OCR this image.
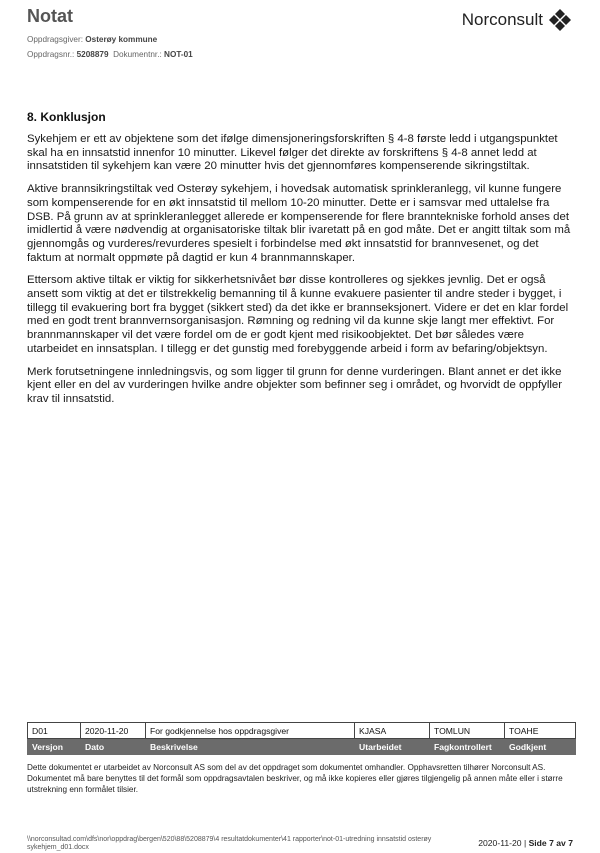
Notat
Oppdragsgiver: Osterøy kommune
Oppdragsnr.: 5208879 Dokumentnr.: NOT-01
Norconsult
8. Konklusjon

Sykehjem er ett av objektene som det ifølge dimensjoneringsforskriften § 4-8 første ledd i utgangspunktet skal ha en innsatstid innenfor 10 minutter. Likevel følger det direkte av forskriftens § 4-8 annet ledd at innsatstiden til sykehjem kan være 20 minutter hvis det gjennomføres kompenserende sikringstiltak.

Aktive brannsikringstiltak ved Osterøy sykehjem, i hovedsak automatisk sprinkleranlegg, vil kunne fungere som kompenserende for en økt innsatstid til mellom 10-20 minutter. Dette er i samsvar med uttalelse fra DSB. På grunn av at sprinkleranlegget allerede er kompenserende for flere branntekniske forhold anses det imidlertid å være nødvendig at organisatoriske tiltak blir ivaretatt på en god måte. Det er angitt tiltak som må gjennomgås og vurderes/revurderes spesielt i forbindelse med økt innsatstid for brannvesenet, og det faktum at normalt oppmøte på dagtid er kun 4 brannmannskaper.

Ettersom aktive tiltak er viktig for sikkerhetsnivået bør disse kontrolleres og sjekkes jevnlig. Det er også ansett som viktig at det er tilstrekkelig bemanning til å kunne evakuere pasienter til andre steder i bygget, i tillegg til evakuering bort fra bygget (sikkert sted) da det ikke er brannseksjonert. Videre er det en klar fordel med en godt trent brannvernsorganisasjon. Rømning og redning vil da kunne skje langt mer effektivt. For brannmannskaper vil det være fordel om de er godt kjent med risikoobjektet. Det bør således være utarbeidet en innsatsplan. I tillegg er det gunstig med forebyggende arbeid i form av befaring/objektsyn.

Merk forutsetningene innledningsvis, og som ligger til grunn for denne vurderingen. Blant annet er det ikke kjent eller en del av vurderingen hvilke andre objekter som befinner seg i området, og hvorvidt de oppfyller krav til innsatstid.

D01	2020-11-20	For godkjennelse hos oppdragsgiver	KJASA	TOMLUN	TOAHE
Versjon	Dato	Beskrivelse	Utarbeidet	Fagkontrollert	Godkjent
Dette dokumentet er utarbeidet av Norconsult AS som del av det oppdraget som dokumentet omhandler. Opphavsretten tilhører Norconsult AS. Dokumentet må bare benyttes til det formål som oppdragsavtalen beskriver, og må ikke kopieres eller gjøres tilgjengelig på annen måte eller i større utstrekning enn formålet tilsier.
\\norconsultad.com\dfs\nor\oppdrag\bergen\520\88\5208879\4 resultatdokumenter\41 rapporter\not-01-utredning innsatstid osterøy sykehjem_d01.docx	2020-11-20 | Side 7 av 7
